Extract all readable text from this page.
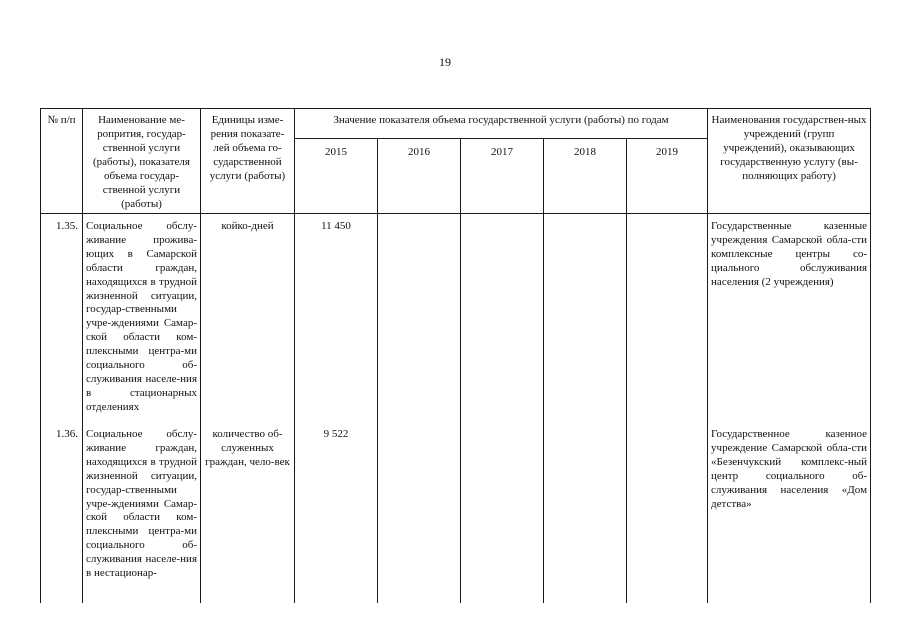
19
№ п/п	Наименование ме-ропрития, государ-ственной услуги (работы), показателя объема государ-ственной услуги (работы)	Единицы изме-рения показате-лей объема го-сударственной услуги (работы)	Значение показателя объема государственной услуги (работы) по годам					Наименования государствен-ных учреждений (групп учреждений), оказывающих государственную услугу (вы-полняющих работу)
			2015	2016	2017	2018	2019	
1.35.	Социальное обслу-живание прожива-ющих в Самарской области граждан, находящихся в трудной жизненной ситуации, государ-ственными учре-ждениями Самар-ской области ком-плексными центра-ми социального об-служивания населе-ния в стационарных отделениях	койко-дней	11 450					Государственные казенные учреждения Самарской обла-сти комплексные центры со-циального обслуживания населения (2 учреждения)
1.36.	Социальное обслу-живание граждан, находящихся в трудной жизненной ситуации, государ-ственными учре-ждениями Самар-ской области ком-плексными центра-ми социального об-служивания населе-ния в нестационар-	количество об-служенных граждан, чело-век	9 522					Государственное казенное учреждение Самарской обла-сти «Безенчукский комплекс-ный центр социального об-служивания населения «Дом детства»
